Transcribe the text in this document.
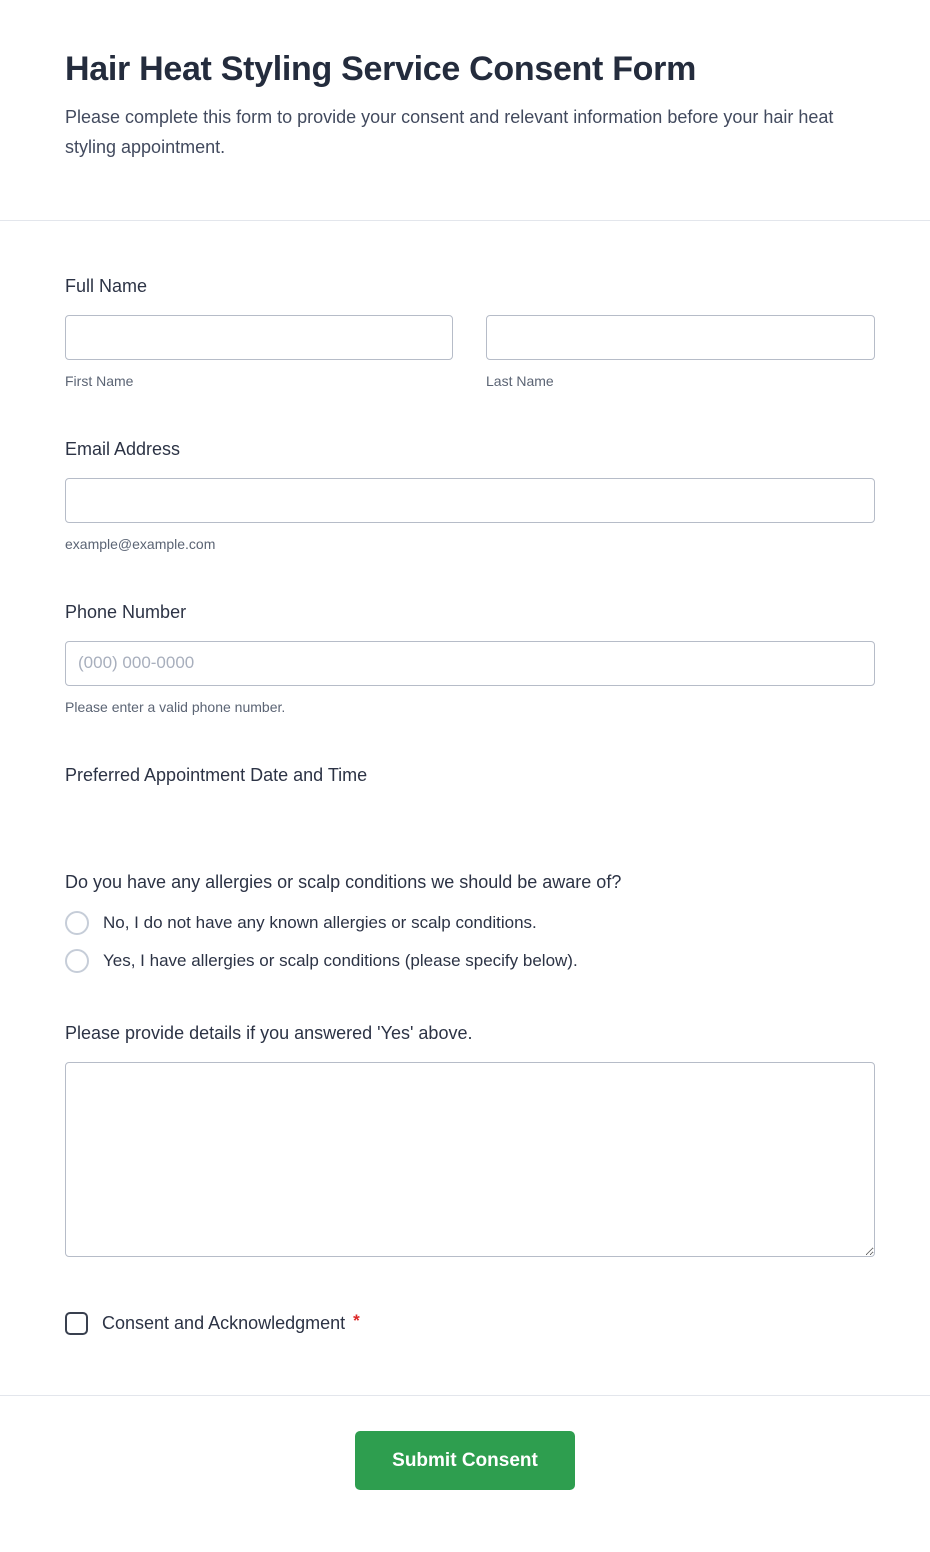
Hair Heat Styling Service Consent Form

Please complete this form to provide your consent and relevant information before your hair heat styling appointment.

Full Name
First Name	Last Name
Email Address
example@example.com
Phone Number
(000) 000-0000
Please enter a valid phone number.
Preferred Appointment Date and Time
Do you have any allergies or scalp conditions we should be aware of?
No, I do not have any known allergies or scalp conditions.
Yes, I have allergies or scalp conditions (please specify below).
Please provide details if you answered 'Yes' above.
Consent and Acknowledgment *
Submit Consent
